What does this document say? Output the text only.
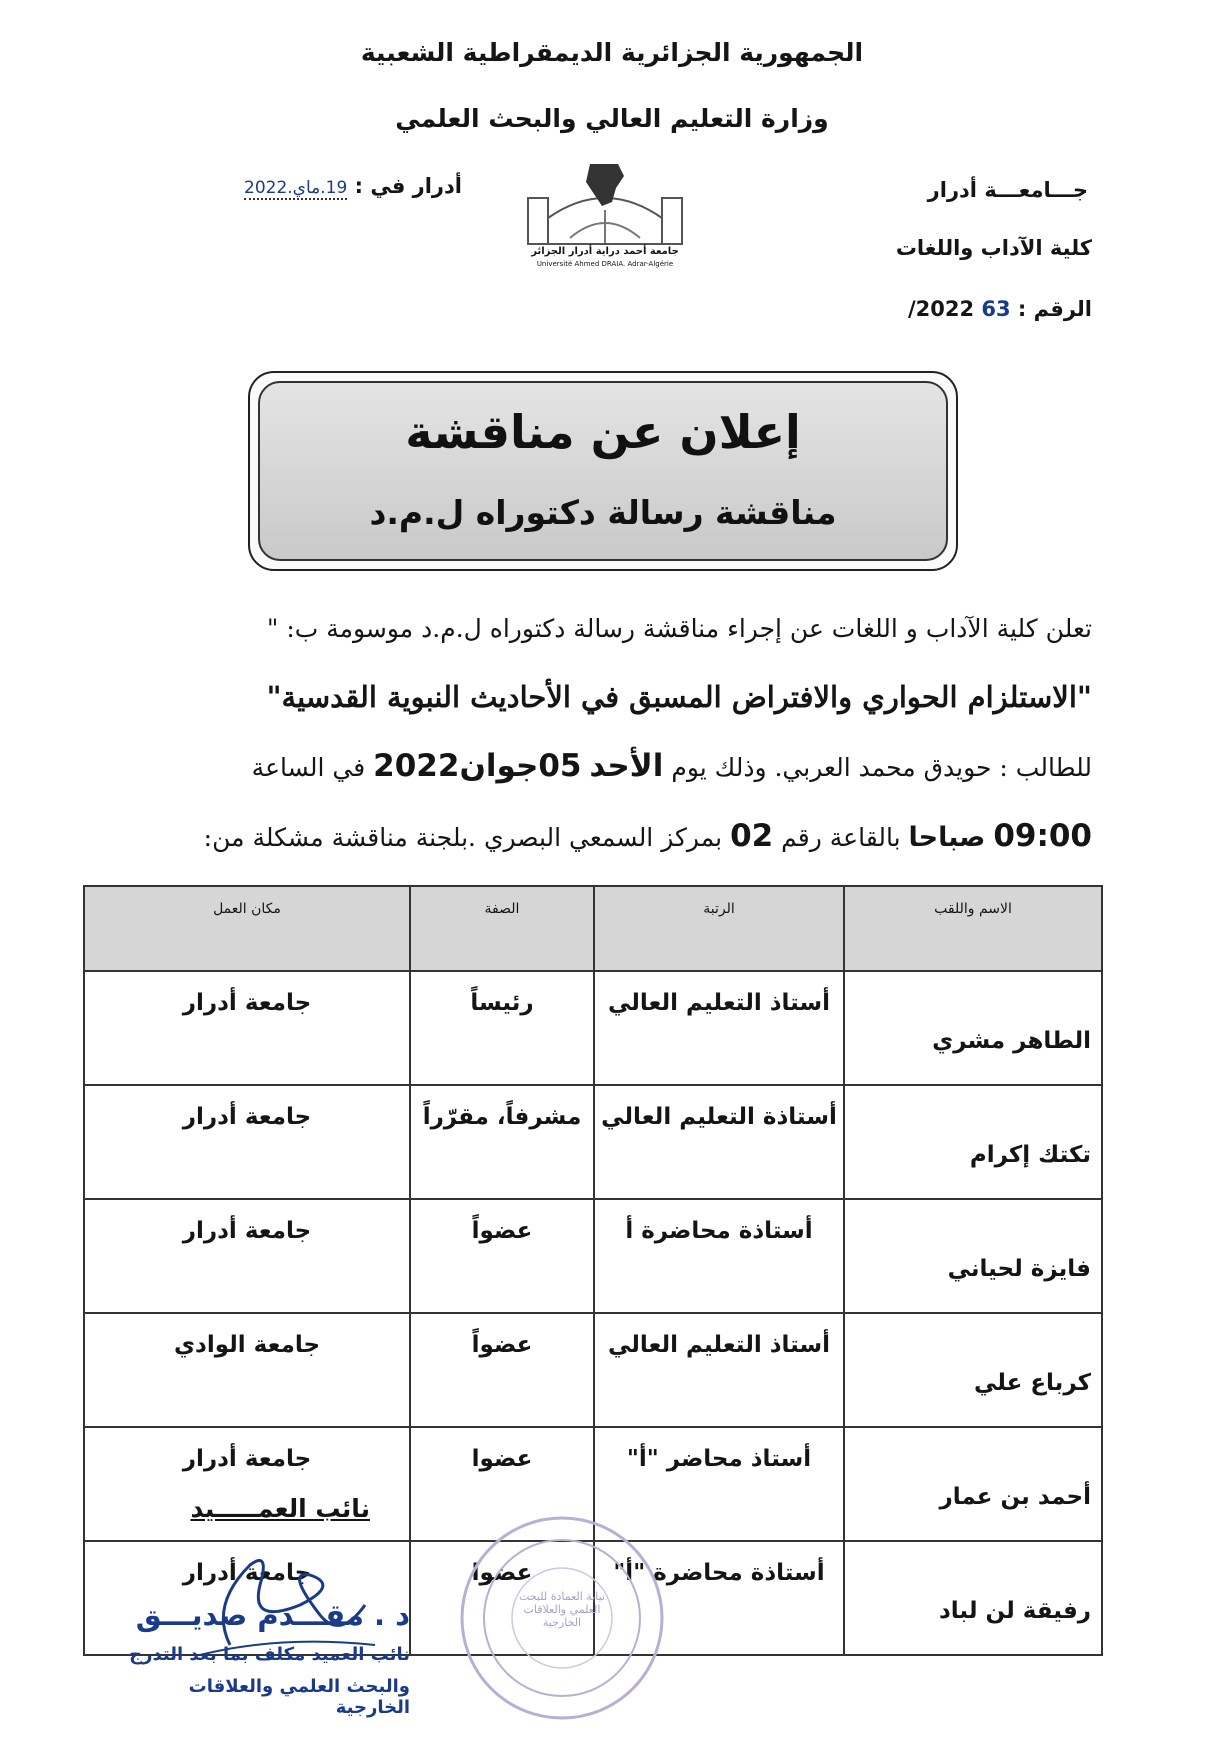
الجمهورية الجزائرية الديمقراطية الشعبية
وزارة التعليم العالي والبحث العلمي
جـــامعـــة أدرار
كلية الآداب واللغات
الرقم : 63 2022/
أدرار في : 19.ماي.2022
جامعة أحمد دراية أدرار الجزائر
Université Ahmed DRAIA. Adrar-Algérie
إعلان عن مناقشة
مناقشة رسالة دكتوراه ل.م.د
تعلن كلية الآداب و اللغات عن إجراء مناقشة رسالة دكتوراه ل.م.د موسومة ب: "
"الاستلزام الحواري والافتراض المسبق في الأحاديث النبوية القدسية"
للطالب : حويدق محمد العربي. وذلك يوم الأحد 05جوان2022 في الساعة
09:00 صباحا بالقاعة رقم 02 بمركز السمعي البصري .بلجنة مناقشة مشكلة من:
الاسم واللقب	الرتبة	الصفة	مكان العمل
الطاهر مشري	أستاذ التعليم العالي	رئيساً	جامعة أدرار
تكتك إكرام	أستاذة التعليم العالي	مشرفاً، مقرّراً	جامعة أدرار
فايزة لحياني	أستاذة محاضرة أ	عضواً	جامعة أدرار
كرباع علي	أستاذ التعليم العالي	عضواً	جامعة الوادي
أحمد بن عمار	أستاذ محاضر "أ"	عضوا	جامعة أدرار
رفيقة لن لباد	أستاذة محاضرة "أ"	عضوا	جامعة أدرار
نائب العمـــــيد
د . مقـــدم صديـــق
نائب العميد مكلف بما بعد التدرج
والبحث العلمي والعلاقات الخارجية
نيابة العمادة للبحث العلمي والعلاقات الخارجية
